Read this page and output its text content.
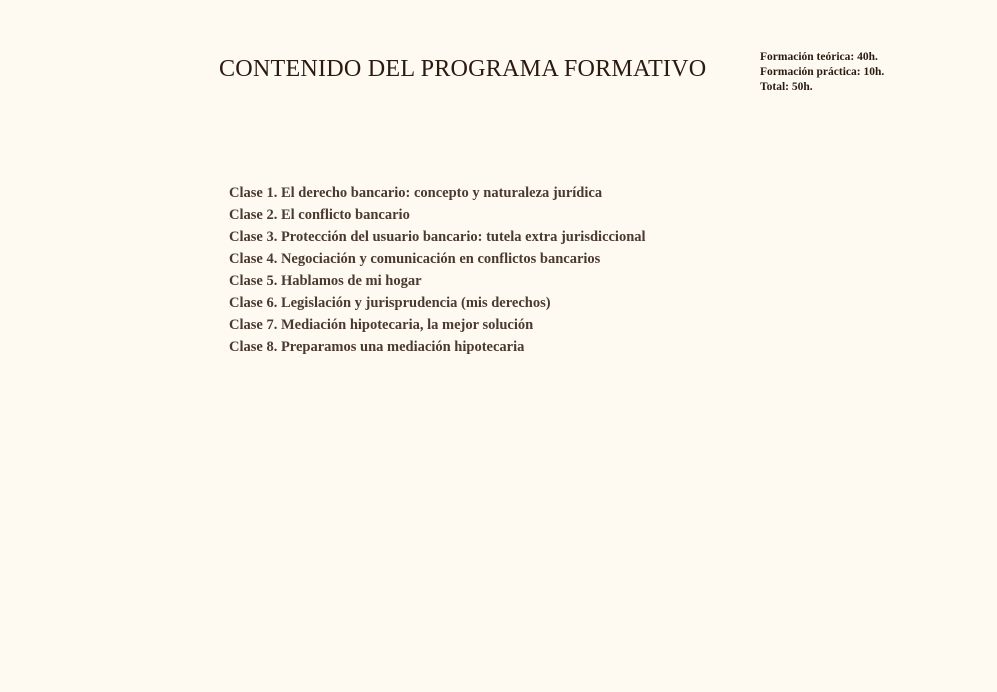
CONTENIDO DEL PROGRAMA FORMATIVO	Formación teórica: 40h.
Formación práctica: 10h.
Total: 50h.
Clase 1. El derecho bancario: concepto y naturaleza jurídica
Clase 2. El conflicto bancario
Clase 3. Protección del usuario bancario: tutela extra jurisdiccional
Clase 4. Negociación y comunicación en conflictos bancarios
Clase 5. Hablamos de mi hogar
Clase 6. Legislación y jurisprudencia (mis derechos)
Clase 7. Mediación hipotecaria, la mejor solución
Clase 8. Preparamos una mediación hipotecaria
